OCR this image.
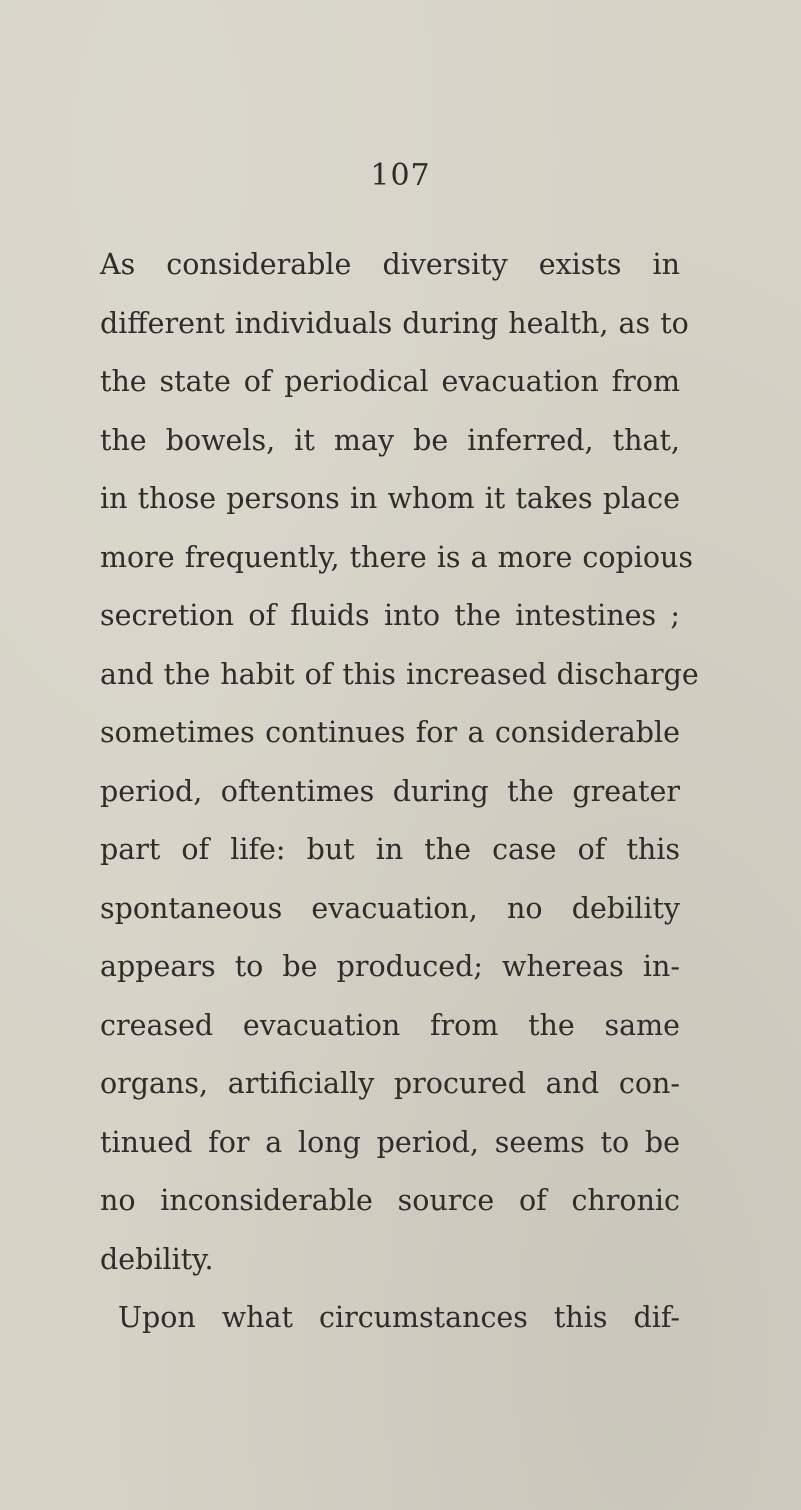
107
As considerable diversity exists in
different individuals during health, as to
the state of periodical evacuation from
the bowels, it may be inferred, that,
in those persons in whom it takes place
more frequently, there is a more copious
secretion of fluids into the intestines ;
and the habit of this increased discharge
sometimes continues for a considerable
period, oftentimes during the greater
part of life: but in the case of this
spontaneous evacuation, no debility
appears to be produced; whereas in-
creased evacuation from the same
organs, artificially procured and con-
tinued for a long period, seems to be
no inconsiderable source of chronic
debility.
Upon what circumstances this dif-
